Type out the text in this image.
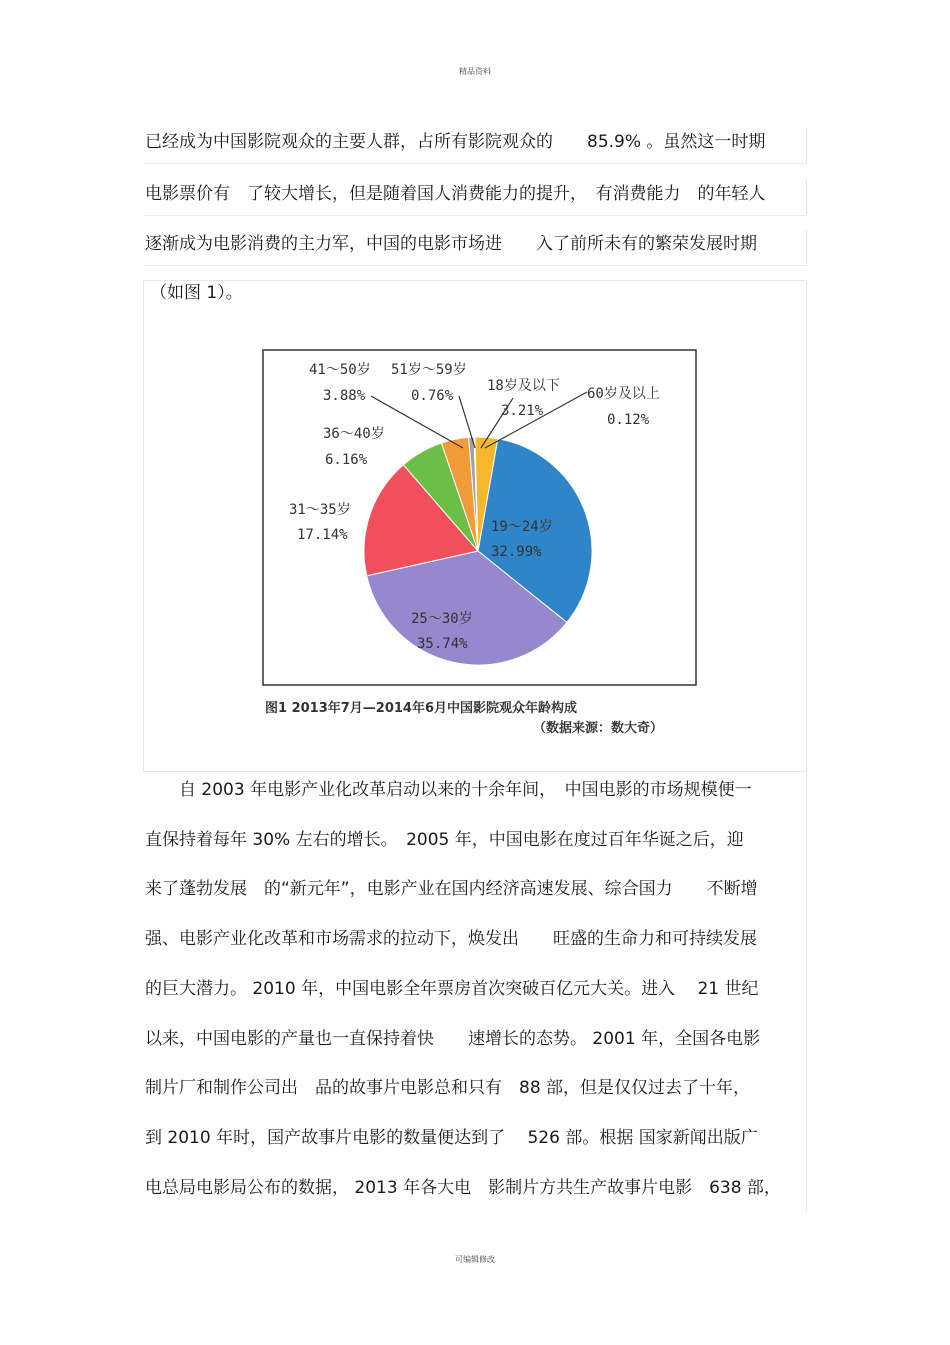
精品资料
已经成为中国影院观众的主要人群，占所有影院观众的　　85.9% 。虽然这一时期
电影票价有　了较大增长，但是随着国人消费能力的提升，　有消费能力　的年轻人
逐渐成为电影消费的主力军，中国的电影市场进　　入了前所未有的繁荣发展时期
（如图 1）。
19～24岁
32.99%
25～30岁
35.74%
31～35岁
17.14%
36～40岁
6.16%
41～50岁
3.88%
51岁～59岁
0.76%	60岁及以上
0.12%
18岁及以下
3.21%
图1 2013年7月—2014年6月中国影院观众年龄构成
（数据来源：数大奇）
　　自 2003 年电影产业化改革启动以来的十余年间，　中国电影的市场规模便一
直保持着每年 30% 左右的增长。　2005 年，中国电影在度过百年华诞之后，迎
来了蓬勃发展　的“新元年”，电影产业在国内经济高速发展、综合国力　　不断增
强、电影产业化改革和市场需求的拉动下，焕发出　　旺盛的生命力和可持续发展
的巨大潜力。 2010 年，中国电影全年票房首次突破百亿元大关。进入　 21 世纪
以来，中国电影的产量也一直保持着快　　速增长的态势。 2001 年，全国各电影
制片厂和制作公司出　品的故事片电影总和只有　88 部，但是仅仅过去了十年，
到 2010 年时，国产故事片电影的数量便达到了　 526 部。根据 国家新闻出版广
电总局电影局公布的数据， 2013 年各大电　影制片方共生产故事片电影　638 部，
可编辑修改
